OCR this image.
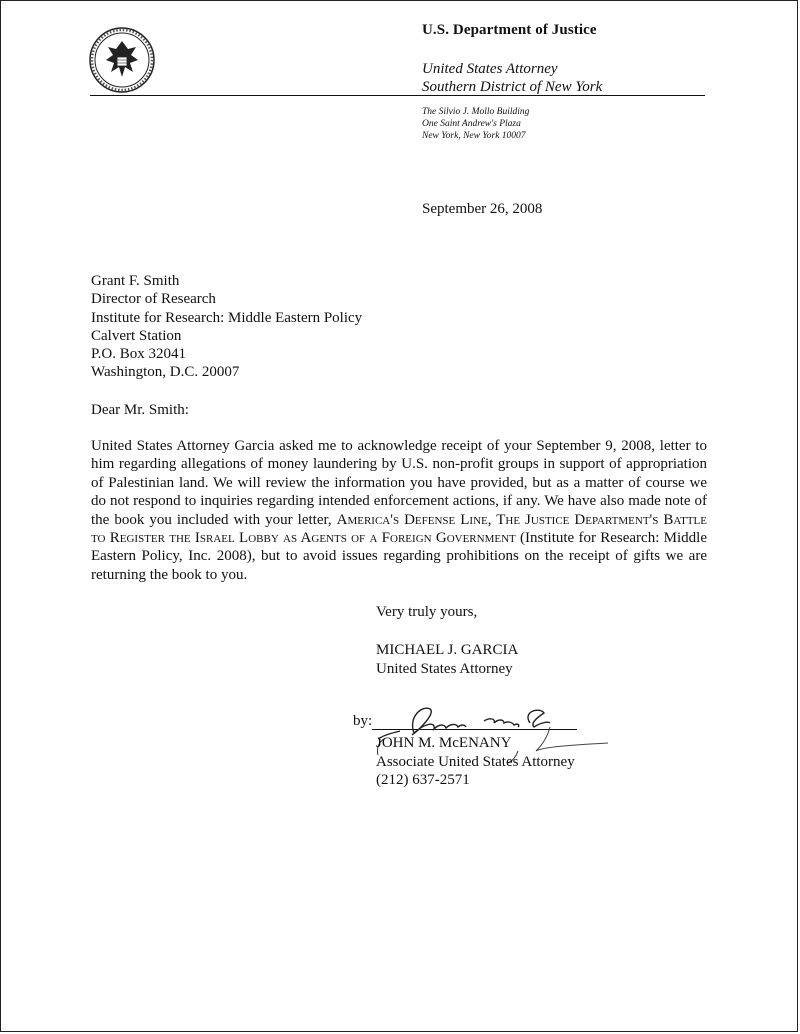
U.S. Department of Justice
United States Attorney
Southern District of New York
The Silvio J. Mollo Building
One Saint Andrew's Plaza
New York, New York 10007
September 26, 2008
Grant F. Smith
Director of Research
Institute for Research: Middle Eastern Policy
Calvert Station
P.O. Box 32041
Washington, D.C. 20007
Dear Mr. Smith:

United States Attorney Garcia asked me to acknowledge receipt of your September 9, 2008, letter to him regarding allegations of money laundering by U.S. non-profit groups in support of appropriation of Palestinian land. We will review the information you have provided, but as a matter of course we do not respond to inquiries regarding intended enforcement actions, if any. We have also made note of the book you included with your letter, America's Defense Line, The Justice Department's Battle to Register the Israel Lobby as Agents of a Foreign Government (Institute for Research: Middle Eastern Policy, Inc. 2008), but to avoid issues regarding prohibitions on the receipt of gifts we are returning the book to you.

Very truly yours,
MICHAEL J. GARCIA
United States Attorney
by:
JOHN M. McENANY
Associate United States Attorney
(212) 637-2571
